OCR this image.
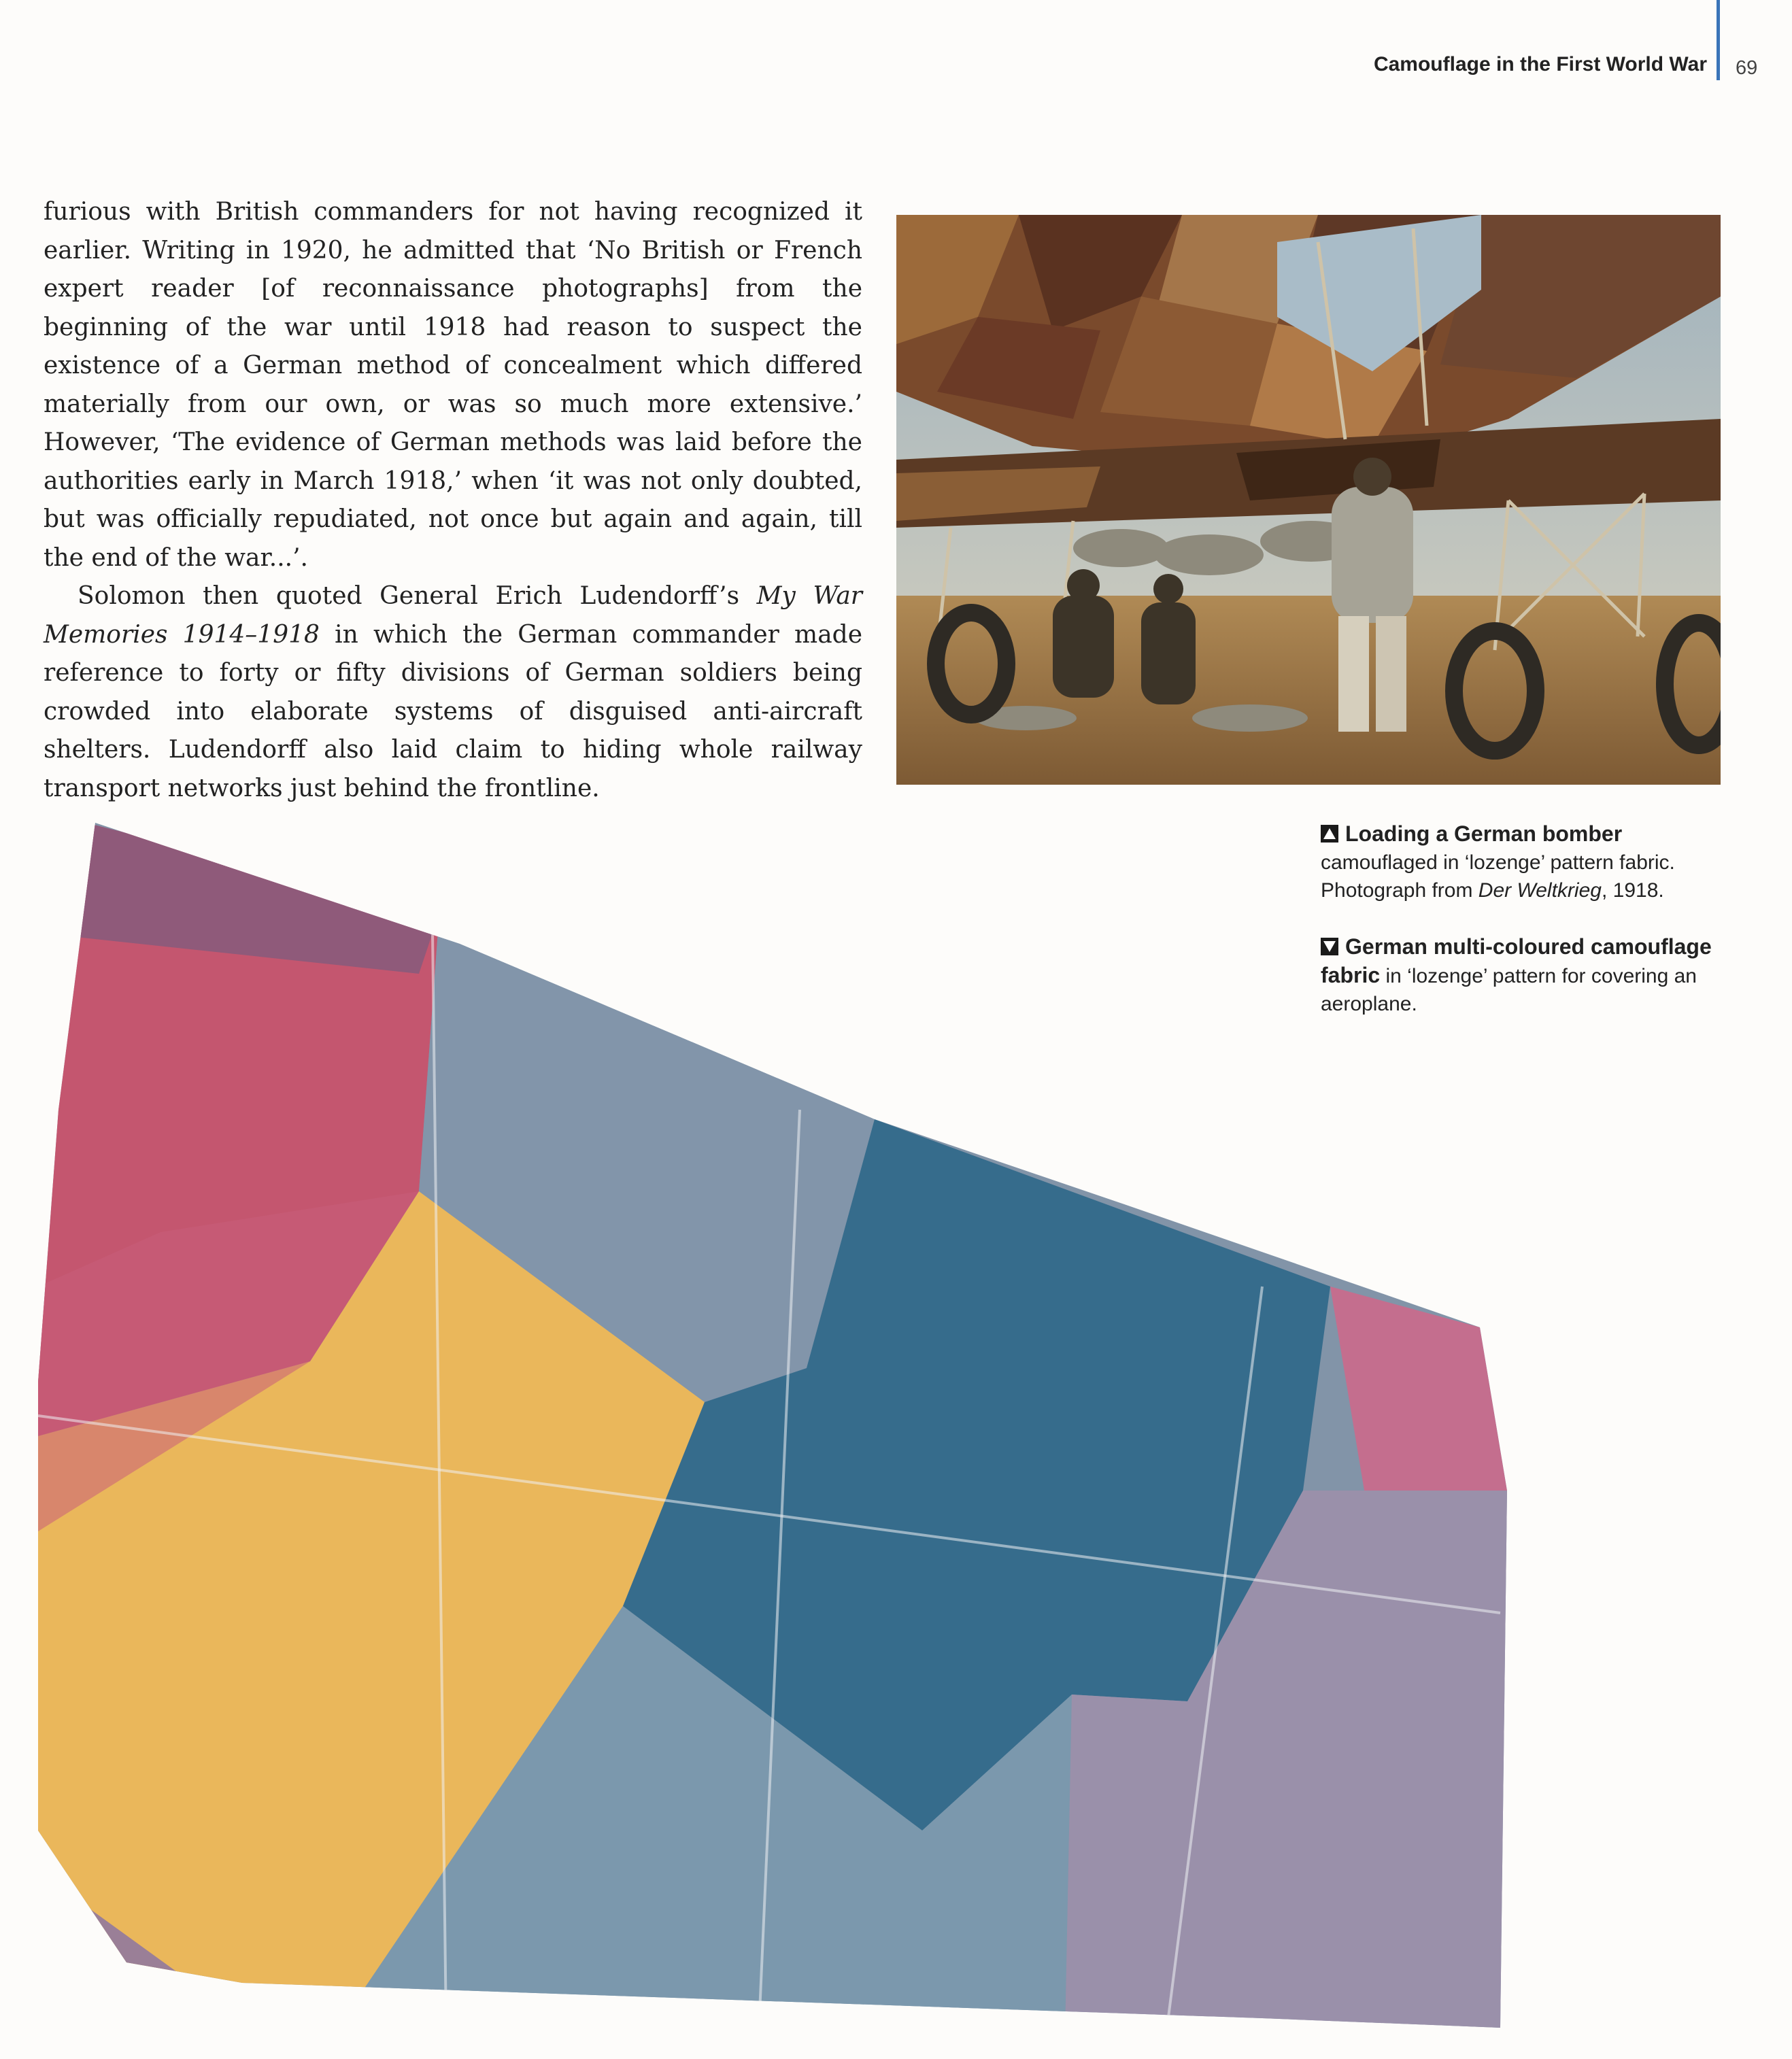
Camouflage in the First World War 69

furious with British commanders for not having recognized it earlier. Writing in 1920, he admitted that ‘No British or French expert reader [of reconnaissance photographs] from the beginning of the war until 1918 had reason to suspect the existence of a German method of concealment which differed materially from our own, or was so much more extensive.’ However, ‘The evidence of German methods was laid before the authorities early in March 1918,’ when ‘it was not only doubted, but was officially repudiated, not once but again and again, till the end of the war...’.

Solomon then quoted General Erich Ludendorff’s My War Memories 1914–1918 in which the German commander made reference to forty or fifty divisions of German soldiers being crowded into elaborate systems of disguised anti-aircraft shelters. Ludendorff also laid claim to hiding whole railway transport networks just behind the frontline.

Loading a German bomber camouflaged in ‘lozenge’ pattern fabric. Photograph from Der Weltkrieg, 1918.
German multi-coloured camouflage fabric in ‘lozenge’ pattern for covering an aeroplane.
